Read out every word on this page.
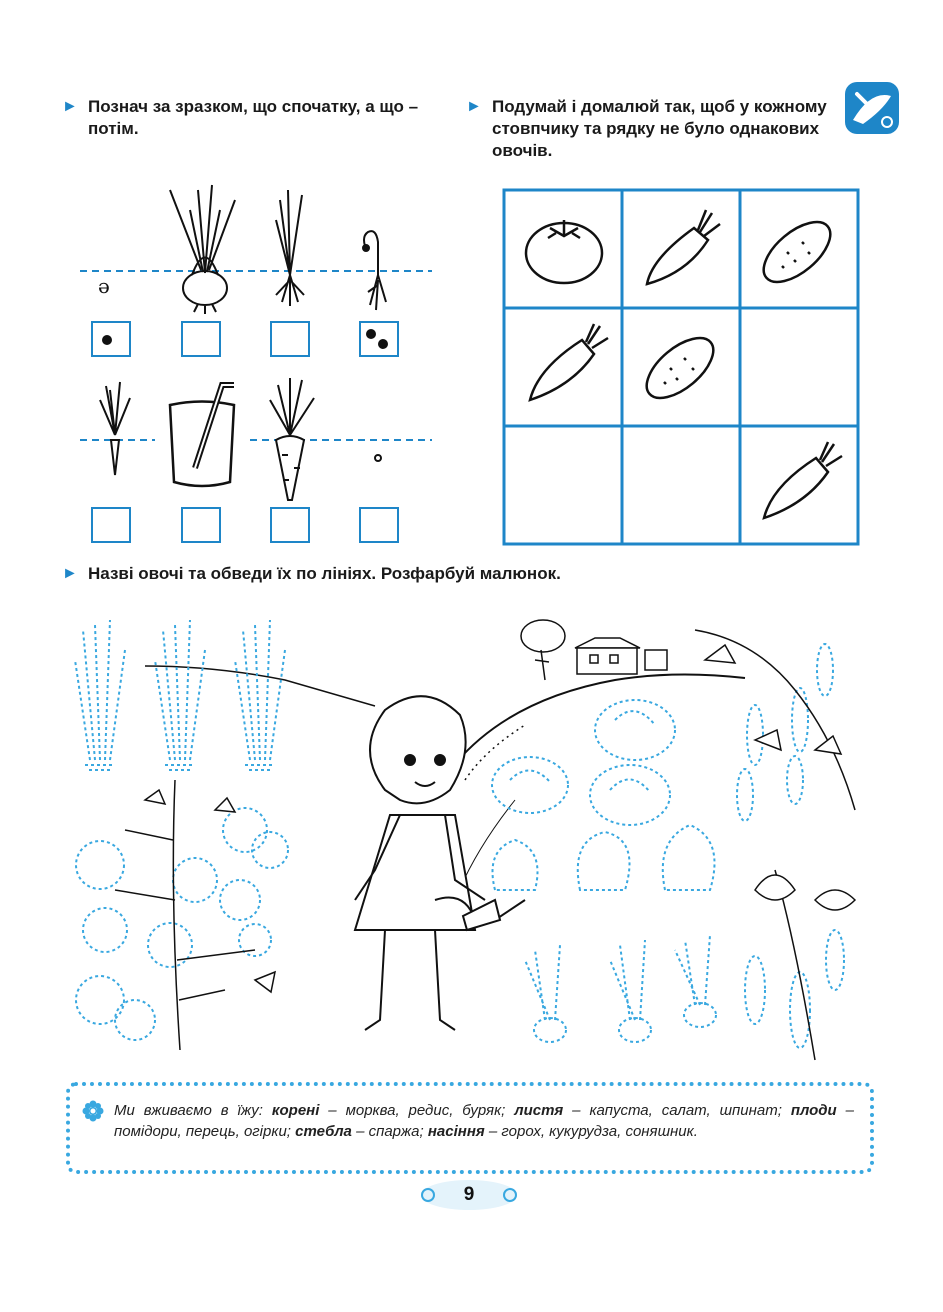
► Познач за зразком, що спочатку, а що – потім.
► Подумай і домалюй так, щоб у кожному стовпчику та рядку не було однакових овочів.
ә
► Назві овочі та обведи їх по лініях. Розфарбуй малюнок.

Ми вживаємо в їжу: корені – морква, редис, буряк; листя – капуста, салат, шпинат; плоди – помідори, перець, огірки; стебла – спаржа; насіння – горох, кукурудза, соняшник.

9
